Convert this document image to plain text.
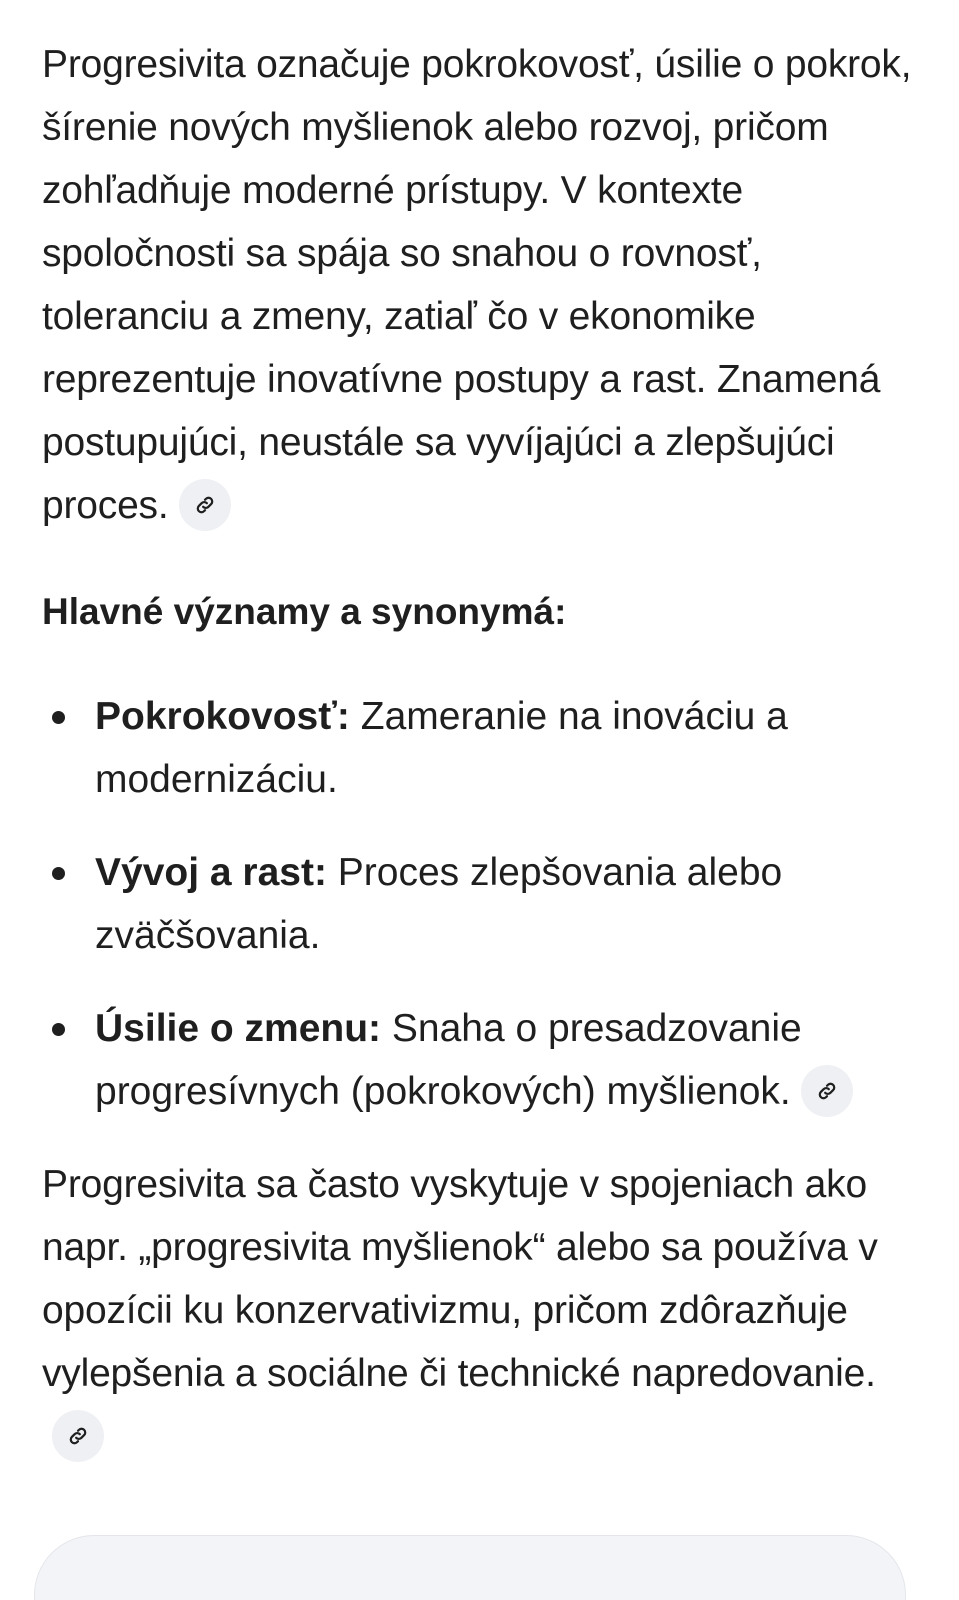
Progresivita označuje pokrokovosť, úsilie o pokrok, šírenie nových myšlienok alebo rozvoj, pričom zohľadňuje moderné prístupy. V kontexte spoločnosti sa spája so snahou o rovnosť, toleranciu a zmeny, zatiaľ čo v ekonomike reprezentuje inovatívne postupy a rast. Znamená postupujúci, neustále sa vyvíjajúci a zlepšujúci proces.

Hlavné významy a synonymá:
Pokrokovosť: Zameranie na inováciu a modernizáciu.
Vývoj a rast: Proces zlepšovania alebo zväčšovania.
Úsilie o zmenu: Snaha o presadzovanie progresívnych (pokrokových) myšlienok.

Progresivita sa často vyskytuje v spojeniach ako napr. „progresivita myšlienok“ alebo sa používa v opozícii ku konzervativizmu, pričom zdôrazňuje vylepšenia a sociálne či technické napredovanie.
